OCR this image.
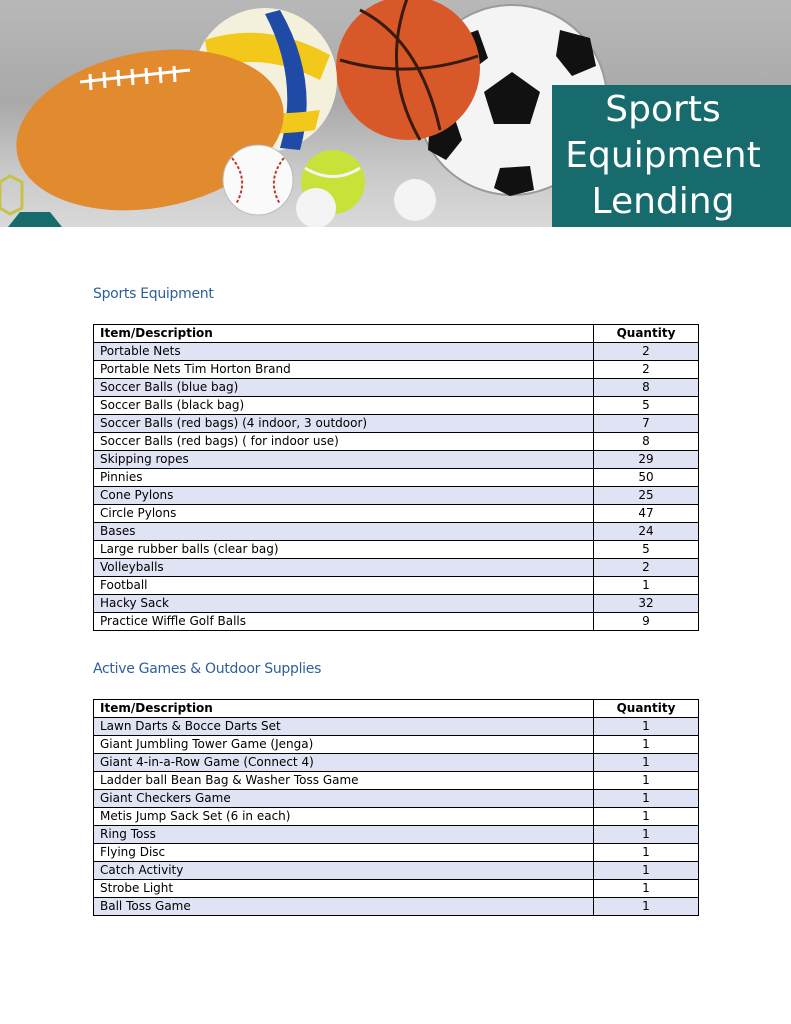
Sports
Equipment
Lending
Sports Equipment
Item/Description	Quantity
Portable Nets	2
Portable Nets Tim Horton Brand	2
Soccer Balls (blue bag)	8
Soccer Balls (black bag)	5
Soccer Balls (red bags) (4 indoor, 3 outdoor)	7
Soccer Balls (red bags) ( for indoor use)	8
Skipping ropes	29
Pinnies	50
Cone Pylons	25
Circle Pylons	47
Bases	24
Large rubber balls (clear bag)	5
Volleyballs	2
Football	1
Hacky Sack	32
Practice Wiffle Golf Balls	9
Active Games & Outdoor Supplies
Item/Description	Quantity
Lawn Darts & Bocce Darts Set	1
Giant Jumbling Tower Game (Jenga)	1
Giant 4-in-a-Row Game (Connect 4)	1
Ladder ball Bean Bag & Washer Toss Game	1
Giant Checkers Game	1
Metis Jump Sack Set (6 in each)	1
Ring Toss	1
Flying Disc	1
Catch Activity	1
Strobe Light	1
Ball Toss Game	1
